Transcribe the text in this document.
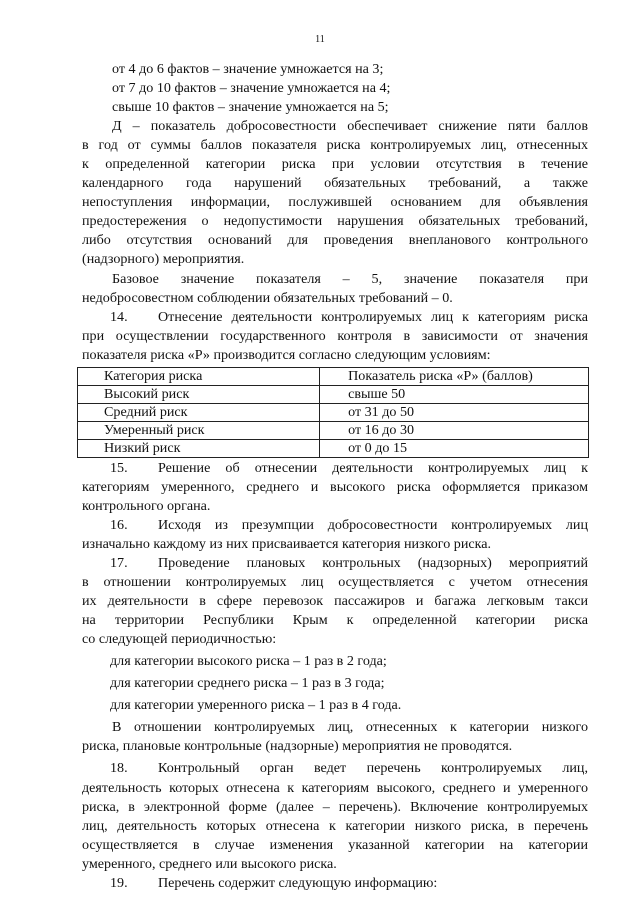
11
от 4 до 6 фактов – значение умножается на 3;
от 7 до 10 фактов – значение умножается на 4;
свыше 10 фактов – значение умножается на 5;
Д – показатель добросовестности обеспечивает снижение пяти баллов
в год от суммы баллов показателя риска контролируемых лиц, отнесенных
к определенной категории риска при условии отсутствия в течение
календарного года нарушений обязательных требований, а также
непоступления информации, послужившей основанием для объявления
предостережения о недопустимости нарушения обязательных требований,
либо отсутствия оснований для проведения внепланового контрольного
(надзорного) мероприятия.
Базовое значение показателя – 5, значение показателя при
недобросовестном соблюдении обязательных требований – 0.
14.	Отнесение деятельности контролируемых лиц к категориям риска
при осуществлении государственного контроля в зависимости от значения
показателя риска «Р» производится согласно следующим условиям:
Категория риска	Показатель риска «Р» (баллов)
Высокий риск	свыше 50
Средний риск	от 31 до 50
Умеренный риск	от 16 до 30
Низкий риск	от 0 до 15
15.	Решение об отнесении деятельности контролируемых лиц к
категориям умеренного, среднего и высокого риска оформляется приказом
контрольного органа.
16.	Исходя из презумпции добросовестности контролируемых лиц
изначально каждому из них присваивается категория низкого риска.
17.	Проведение плановых контрольных (надзорных) мероприятий
в отношении контролируемых лиц осуществляется с учетом отнесения
их деятельности в сфере перевозок пассажиров и багажа легковым такси
на территории Республики Крым к определенной категории риска
со следующей периодичностью:
для категории высокого риска – 1 раз в 2 года;
для категории среднего риска – 1 раз в 3 года;
для категории умеренного риска – 1 раз в 4 года.
В отношении контролируемых лиц, отнесенных к категории низкого
риска, плановые контрольные (надзорные) мероприятия не проводятся.
18.	Контрольный орган ведет перечень контролируемых лиц,
деятельность которых отнесена к категориям высокого, среднего и умеренного
риска, в электронной форме (далее – перечень). Включение контролируемых
лиц, деятельность которых отнесена к категории низкого риска, в перечень
осуществляется в случае изменения указанной категории на категории
умеренного, среднего или высокого риска.
19.	Перечень содержит следующую информацию:
